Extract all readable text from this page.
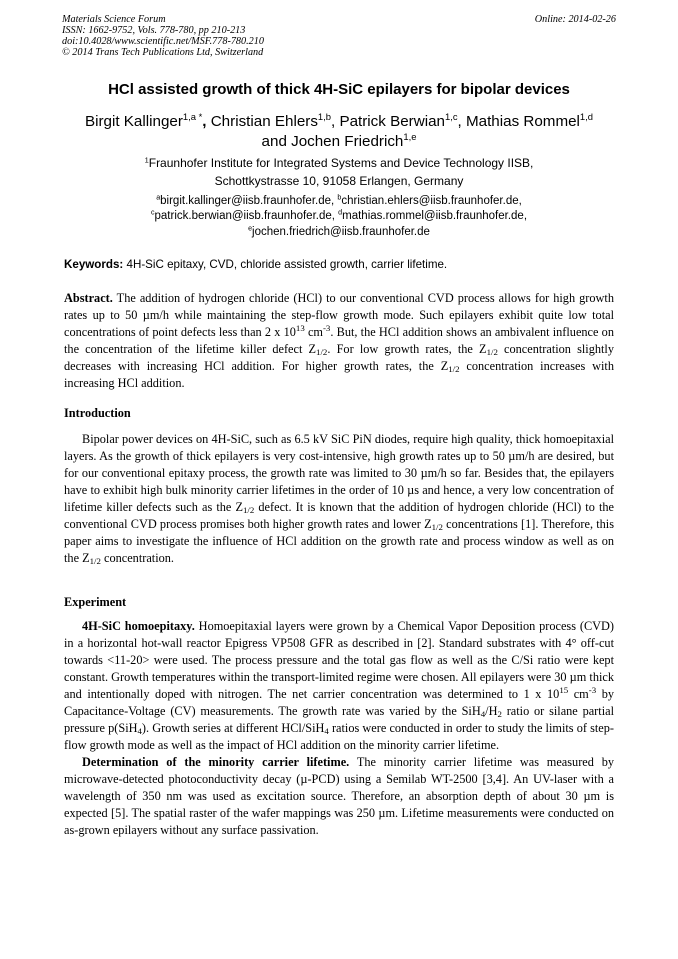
Materials Science Forum
ISSN: 1662-9752, Vols. 778-780, pp 210-213
doi:10.4028/www.scientific.net/MSF.778-780.210
© 2014 Trans Tech Publications Ltd, Switzerland
Online: 2014-02-26
HCl assisted growth of thick 4H-SiC epilayers for bipolar devices
Birgit Kallinger$^{1,a *}$, Christian Ehlers$^{1,b}$, Patrick Berwian$^{1,c}$, Mathias Rommel$^{1,d}$
and Jochen Friedrich$^{1,e}$
$^1$Fraunhofer Institute for Integrated Systems and Device Technology IISB,
Schottkystrasse 10, 91058 Erlangen, Germany
$^a$birgit.kallinger@iisb.fraunhofer.de, $^b$christian.ehlers@iisb.fraunhofer.de,
$^c$patrick.berwian@iisb.fraunhofer.de, $^d$mathias.rommel@iisb.fraunhofer.de,
$^e$jochen.friedrich@iisb.fraunhofer.de
Keywords: 4H-SiC epitaxy, CVD, chloride assisted growth, carrier lifetime.

Abstract. The addition of hydrogen chloride (HCl) to our conventional CVD process allows for high growth rates up to 50 µm/h while maintaining the step-flow growth mode. Such epilayers exhibit quite low total concentrations of point defects less than 2 x $10^{13}$ $cm^{-3}$. But, the HCl addition shows an ambivalent influence on the concentration of the lifetime killer defect $Z_{1/2}$. For low growth rates, the $Z_{1/2}$ concentration slightly decreases with increasing HCl addition. For higher growth rates, the $Z_{1/2}$ concentration increases with increasing HCl addition.

Introduction

Bipolar power devices on 4H-SiC, such as 6.5 kV SiC PiN diodes, require high quality, thick homoepitaxial layers. As the growth of thick epilayers is very cost-intensive, high growth rates up to 50 µm/h are desired, but for our conventional epitaxy process, the growth rate was limited to 30 µm/h so far. Besides that, the epilayers have to exhibit high bulk minority carrier lifetimes in the order of 10 µs and hence, a very low concentration of lifetime killer defects such as the $Z_{1/2}$ defect. It is known that the addition of hydrogen chloride (HCl) to the conventional CVD process promises both higher growth rates and lower $Z_{1/2}$ concentrations [1]. Therefore, this paper aims to investigate the influence of HCl addition on the growth rate and process window as well as on the $Z_{1/2}$ concentration.

Experiment

4H-SiC homoepitaxy. Homoepitaxial layers were grown by a Chemical Vapor Deposition process (CVD) in a horizontal hot-wall reactor Epigress VP508 GFR as described in [2]. Standard substrates with 4° off-cut towards <11-20> were used. The process pressure and the total gas flow as well as the C/Si ratio were kept constant. Growth temperatures within the transport-limited regime were chosen. All epilayers were 30 µm thick and intentionally doped with nitrogen. The net carrier concentration was determined to 1 x $10^{15}$ $cm^{-3}$ by Capacitance-Voltage (CV) measurements. The growth rate was varied by the $SiH_4/H_2$ ratio or silane partial pressure p(SiH$_4$). Growth series at different HCl/SiH$_4$ ratios were conducted in order to study the limits of step-flow growth mode as well as the impact of HCl addition on the minority carrier lifetime.

Determination of the minority carrier lifetime. The minority carrier lifetime was measured by microwave-detected photoconductivity decay (µ-PCD) using a Semilab WT-2500 [3,4]. An UV-laser with a wavelength of 350 nm was used as excitation source. Therefore, an absorption depth of about 30 µm is expected [5]. The spatial raster of the wafer mappings was 250 µm. Lifetime measurements were conducted on as-grown epilayers without any surface passivation.
